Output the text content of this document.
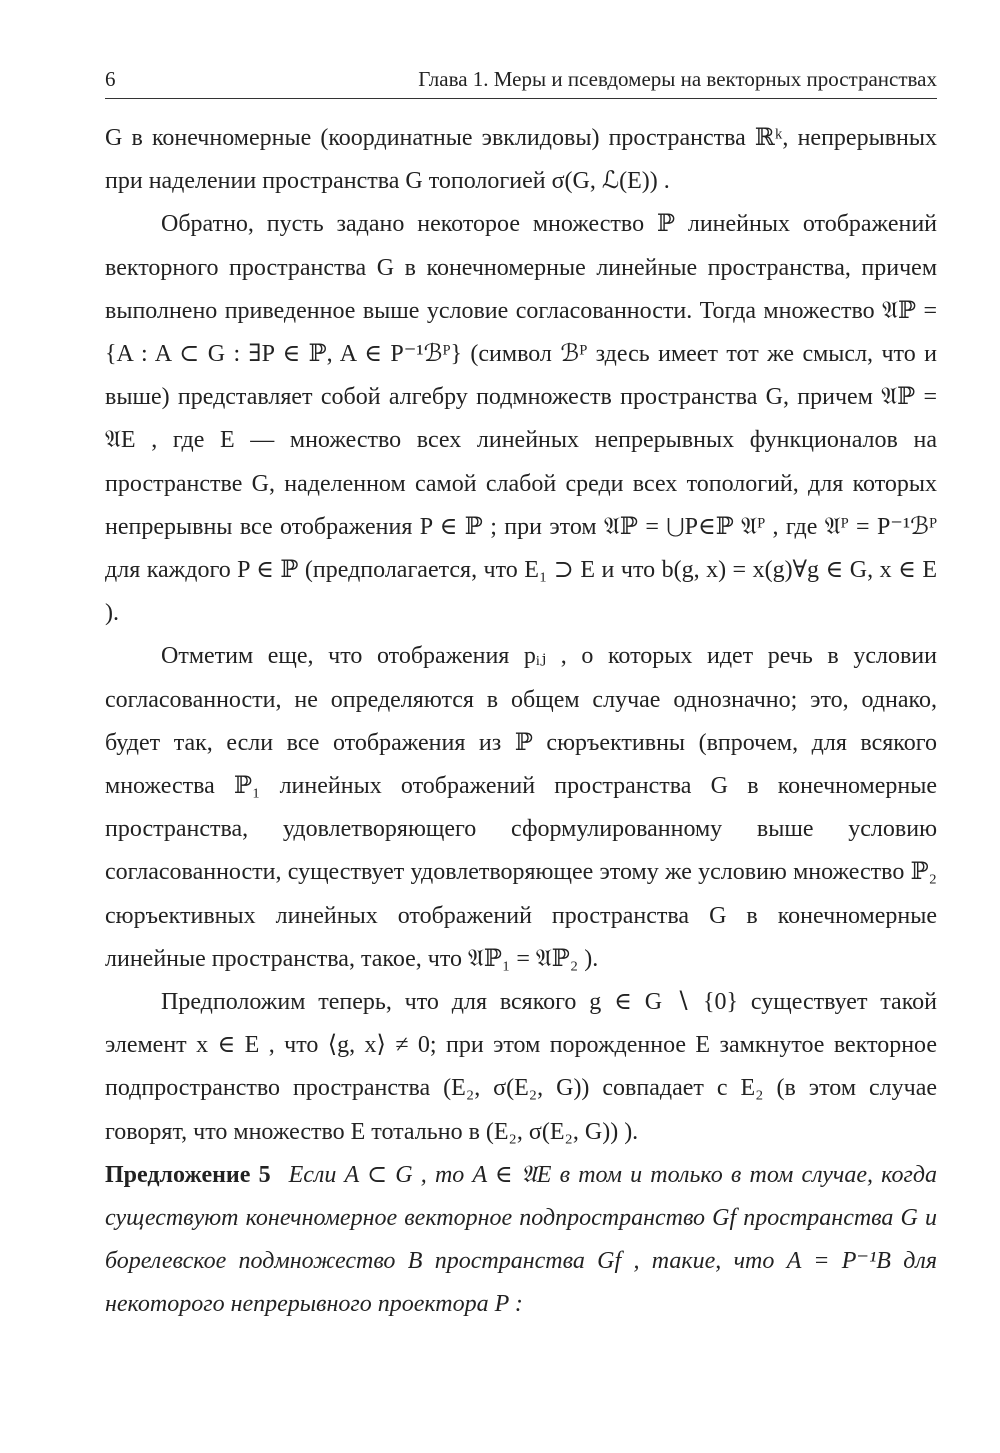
6	Глава 1. Меры и псевдомеры на векторных пространствах

G в конечномерные (координатные эвклидовы) пространства ℝᵏ, непрерывных при наделении пространства G топологией σ(G, ℒ(E)) .

Обратно, пусть задано некоторое множество ℙ линейных отображений векторного пространства G в конечномерные линейные пространства, причем выполнено приведенное выше условие согласованности. Тогда множество 𝔄ℙ = {A : A ⊂ G : ∃P ∈ ℙ, A ∈ P⁻¹ℬᴾ} (символ ℬᴾ здесь имеет тот же смысл, что и выше) представляет собой алгебру подмножеств пространства G, причем 𝔄ℙ = 𝔄E , где E — множество всех линейных непрерывных функционалов на пространстве G, наделенном самой слабой среди всех топологий, для которых непрерывны все отображения P ∈ ℙ ; при этом 𝔄ℙ = ⋃P∈ℙ 𝔄ᴾ , где 𝔄ᴾ = P⁻¹ℬᴾ для каждого P ∈ ℙ (предполагается, что E₁ ⊃ E и что b(g, x) = x(g)∀g ∈ G, x ∈ E ).

Отметим еще, что отображения pᵢⱼ , о которых идет речь в условии согласованности, не определяются в общем случае однозначно; это, однако, будет так, если все отображения из ℙ сюръективны (впрочем, для всякого множества ℙ₁ линейных отображений пространства G в конечномерные пространства, удовлетворяющего сформулированному выше условию согласованности, существует удовлетворяющее этому же условию множество ℙ₂ сюръективных линейных отображений пространства G в конечномерные линейные пространства, такое, что 𝔄ℙ₁ = 𝔄ℙ₂ ).

Предположим теперь, что для всякого g ∈ G ∖ {0} существует такой элемент x ∈ E , что ⟨g, x⟩ ≠ 0; при этом порожденное E замкнутое векторное подпространство пространства (E₂, σ(E₂, G)) совпадает с E₂ (в этом случае говорят, что множество E тотально в (E₂, σ(E₂, G)) ).

Предложение 5 Если A ⊂ G , то A ∈ 𝔄E в том и только в том случае, когда существуют конечномерное векторное подпространство Gf пространства G и борелевское подмножество B пространства Gf , такие, что A = P⁻¹B для некоторого непрерывного проектора P :
